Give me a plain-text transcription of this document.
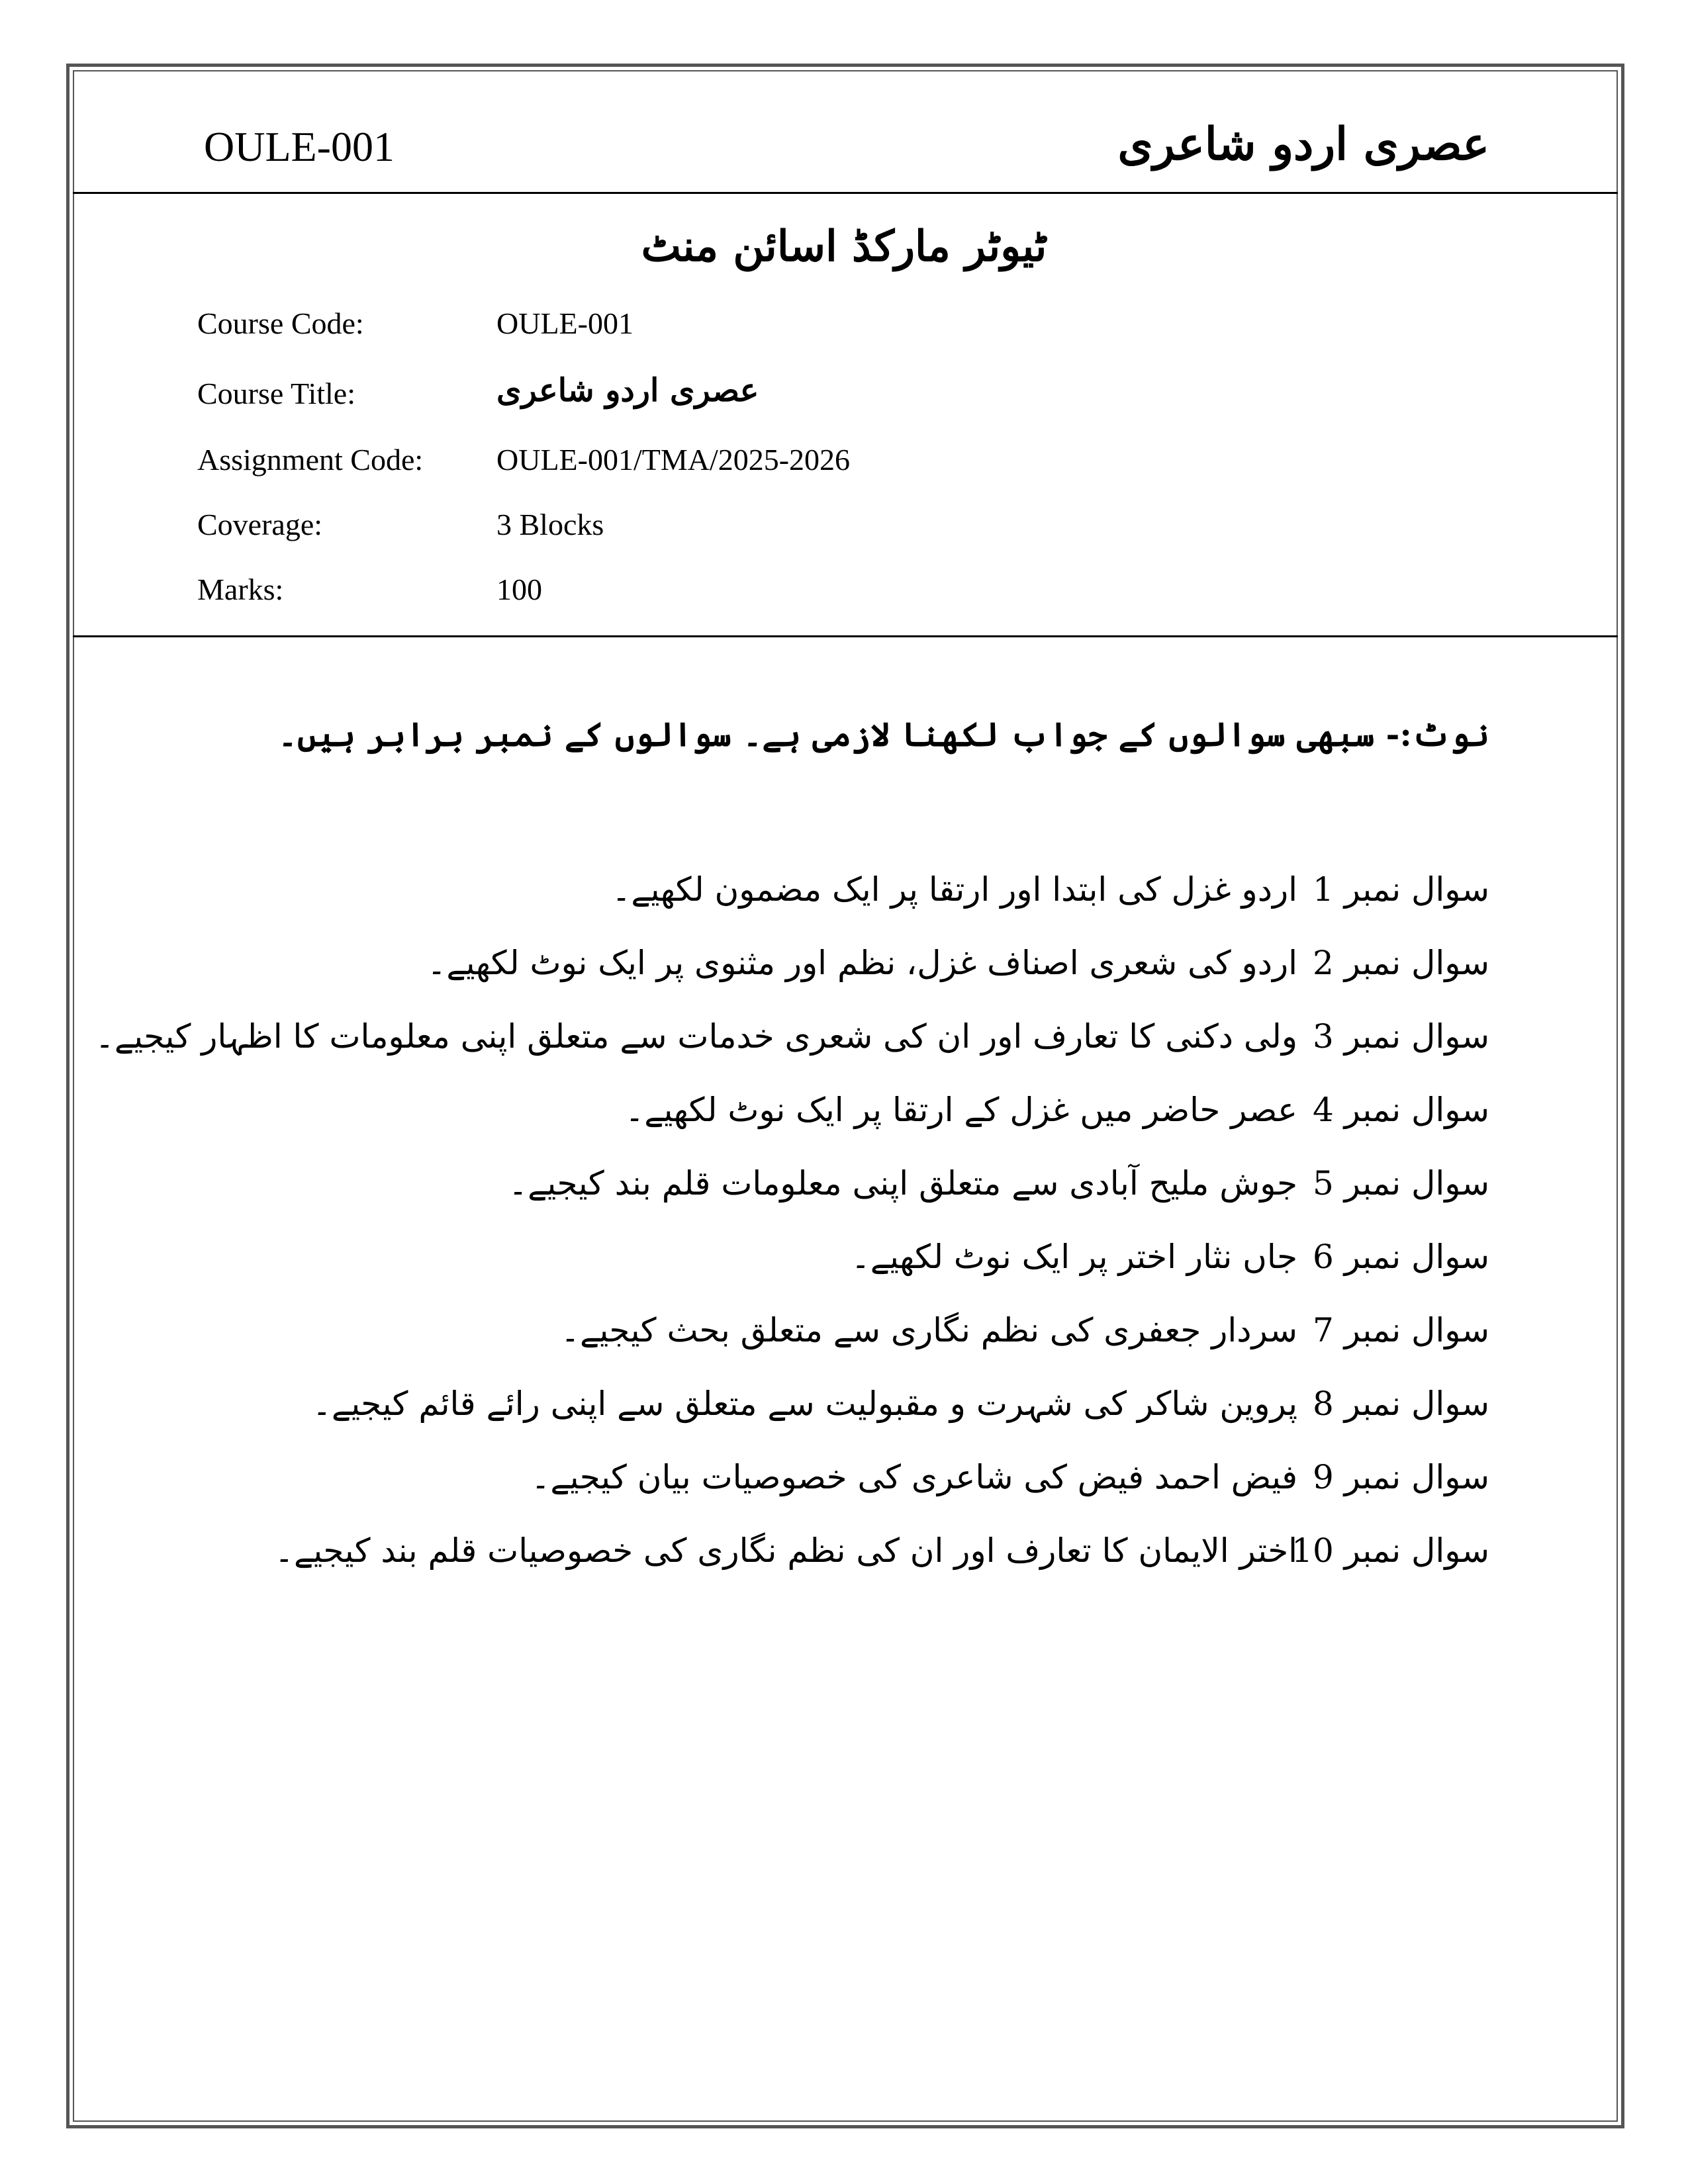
OULE-001	عصری اردو شاعری
ٹیوٹر مارکڈ اسائن منٹ
Course Code:	OULE-001
Course Title:	عصری اردو شاعری
Assignment Code: OULE-001/TMA/2025-2026
Coverage:	3 Blocks
Marks:	100
نوٹ:- سبھی سوالوں کے جواب لکھنا لازمی ہے۔ سوالوں کے نمبر برابر ہیں۔
سوال نمبر 1
اردو غزل کی ابتدا اور ارتقا پر ایک مضمون لکھیے۔
سوال نمبر 2
اردو کی شعری اصناف غزل، نظم اور مثنوی پر ایک نوٹ لکھیے۔
سوال نمبر 3
ولی دکنی کا تعارف اور ان کی شعری خدمات سے متعلق اپنی معلومات کا اظہار کیجیے۔
سوال نمبر 4
عصر حاضر میں غزل کے ارتقا پر ایک نوٹ لکھیے۔
سوال نمبر 5
جوش ملیح آبادی سے متعلق اپنی معلومات قلم بند کیجیے۔
سوال نمبر 6
جاں نثار اختر پر ایک نوٹ لکھیے۔
سوال نمبر 7
سردار جعفری کی نظم نگاری سے متعلق بحث کیجیے۔
سوال نمبر 8
پروین شاکر کی شہرت و مقبولیت سے متعلق سے اپنی رائے قائم کیجیے۔
سوال نمبر 9
فیض احمد فیض کی شاعری کی خصوصیات بیان کیجیے۔
سوال نمبر 10
اختر الایمان کا تعارف اور ان کی نظم نگاری کی خصوصیات قلم بند کیجیے۔
